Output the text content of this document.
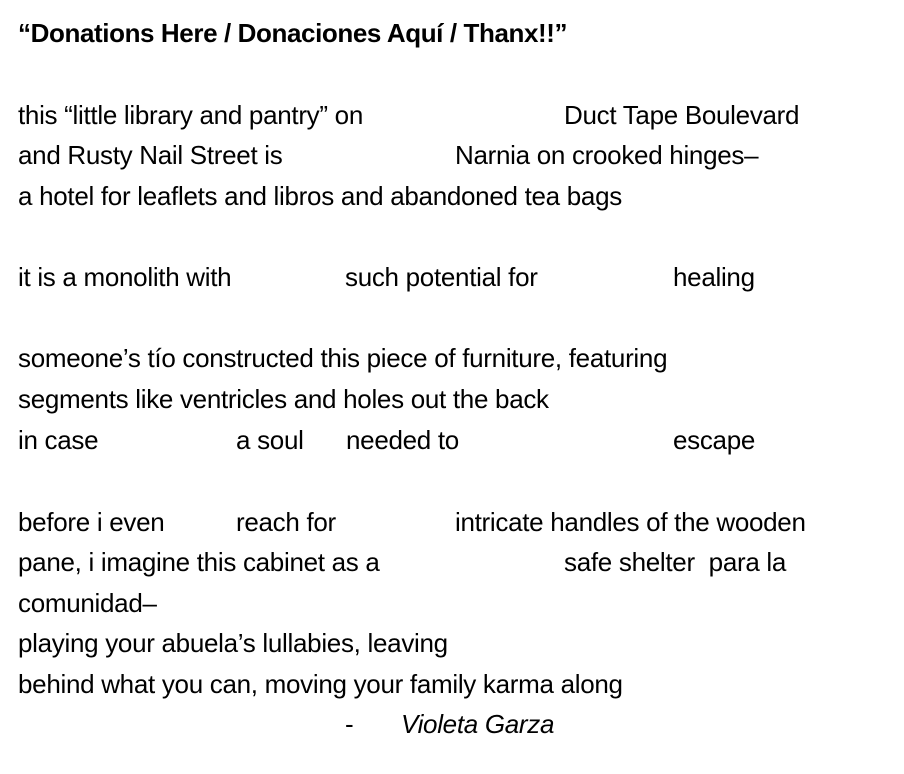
“Donations Here / Donaciones Aquí / Thanx!!”
this “little library and pantry” on	Duct Tape Boulevard
and Rusty Nail Street is	Narnia on crooked hinges–
a hotel for leaflets and libros and abandoned tea bags
it is a monolith with	such potential for	healing
someone’s tío constructed this piece of furniture, featuring
segments like ventricles and holes out the back
in case	a soul needed to	escape
before i even	reach for	intricate handles of the wooden
pane, i imagine this cabinet as a	safe shelter  para la
comunidad–
playing your abuela’s lullabies, leaving
behind what you can, moving your family karma along
- Violeta Garza
